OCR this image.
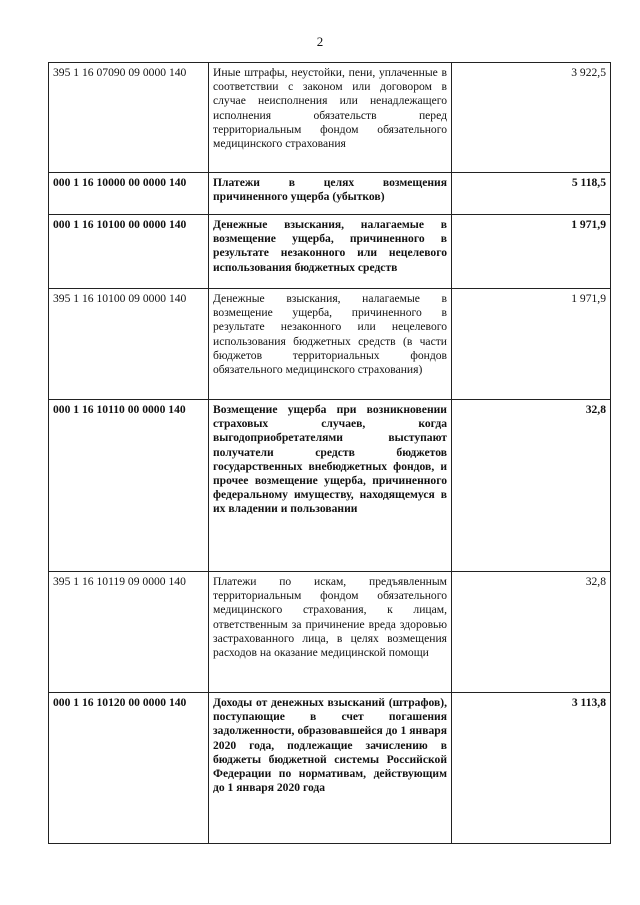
2
395 1 16 07090 09 0000 140	Иные штрафы, неустойки, пени, уплаченные в соответствии с законом или договором в случае неисполнения или ненадлежащего исполнения обязательств перед территориальным фондом обязательного медицинского страхования	3 922,5
000 1 16 10000 00 0000 140	Платежи в целях возмещения причиненного ущерба (убытков)	5 118,5
000 1 16 10100 00 0000 140	Денежные взыскания, налагаемые в возмещение ущерба, причиненного в результате незаконного или нецелевого использования бюджетных средств	1 971,9
395 1 16 10100 09 0000 140	Денежные взыскания, налагаемые в возмещение ущерба, причиненного в результате незаконного или нецелевого использования бюджетных средств (в части бюджетов территориальных фондов обязательного медицинского страхования)	1 971,9
000 1 16 10110 00 0000 140	Возмещение ущерба при возникновении страховых случаев, когда выгодоприобретателями выступают получатели средств бюджетов государственных внебюджетных фондов, и прочее возмещение ущерба, причиненного федеральному имуществу, находящемуся в их владении и пользовании	32,8
395 1 16 10119 09 0000 140	Платежи по искам, предъявленным территориальным фондом обязательного медицинского страхования, к лицам, ответственным за причинение вреда здоровью застрахованного лица, в целях возмещения расходов на оказание медицинской помощи	32,8
000 1 16 10120 00 0000 140	Доходы от денежных взысканий (штрафов), поступающие в счет погашения задолженности, образовавшейся до 1 января 2020 года, подлежащие зачислению в бюджеты бюджетной системы Российской Федерации по нормативам, действующим до 1 января 2020 года	3 113,8
